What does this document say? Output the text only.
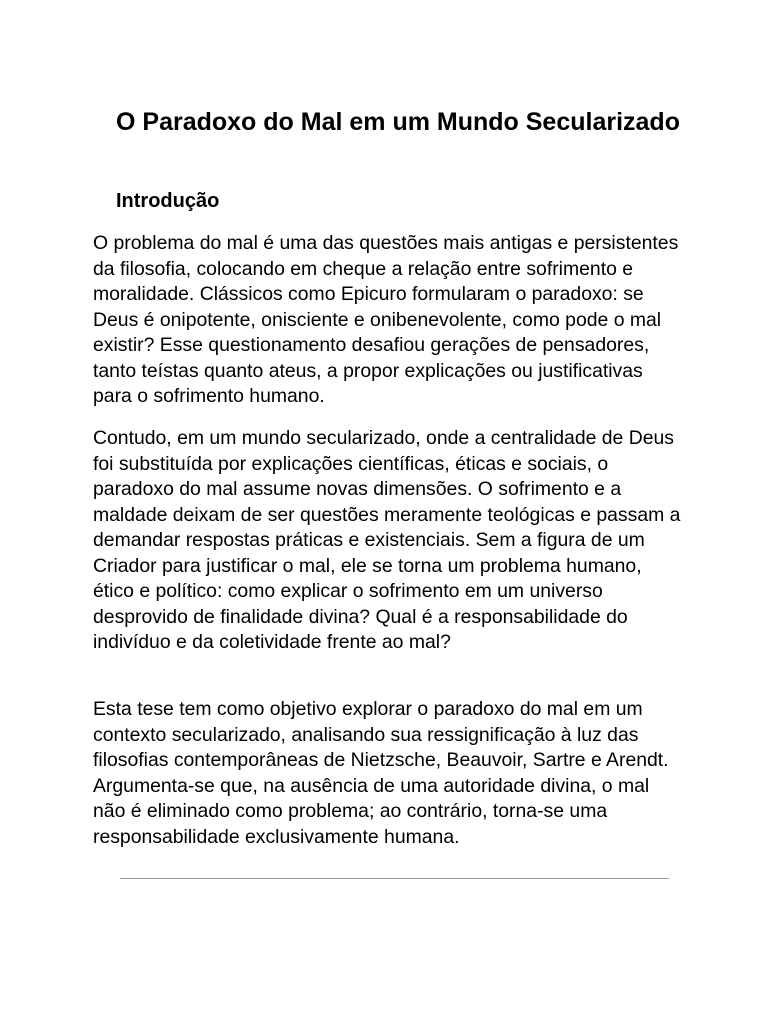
O Paradoxo do Mal em um Mundo Secularizado
Introdução

O problema do mal é uma das questões mais antigas e persistentes da filosofia, colocando em cheque a relação entre sofrimento e moralidade. Clássicos como Epicuro formularam o paradoxo: se Deus é onipotente, onisciente e onibenevolente, como pode o mal existir? Esse questionamento desafiou gerações de pensadores, tanto teístas quanto ateus, a propor explicações ou justificativas para o sofrimento humano.

Contudo, em um mundo secularizado, onde a centralidade de Deus foi substituída por explicações científicas, éticas e sociais, o paradoxo do mal assume novas dimensões. O sofrimento e a maldade deixam de ser questões meramente teológicas e passam a demandar respostas práticas e existenciais. Sem a figura de um Criador para justificar o mal, ele se torna um problema humano, ético e político: como explicar o sofrimento em um universo desprovido de finalidade divina? Qual é a responsabilidade do indivíduo e da coletividade frente ao mal?

Esta tese tem como objetivo explorar o paradoxo do mal em um contexto secularizado, analisando sua ressignificação à luz das filosofias contemporâneas de Nietzsche, Beauvoir, Sartre e Arendt. Argumenta-se que, na ausência de uma autoridade divina, o mal não é eliminado como problema; ao contrário, torna-se uma responsabilidade exclusivamente humana.
